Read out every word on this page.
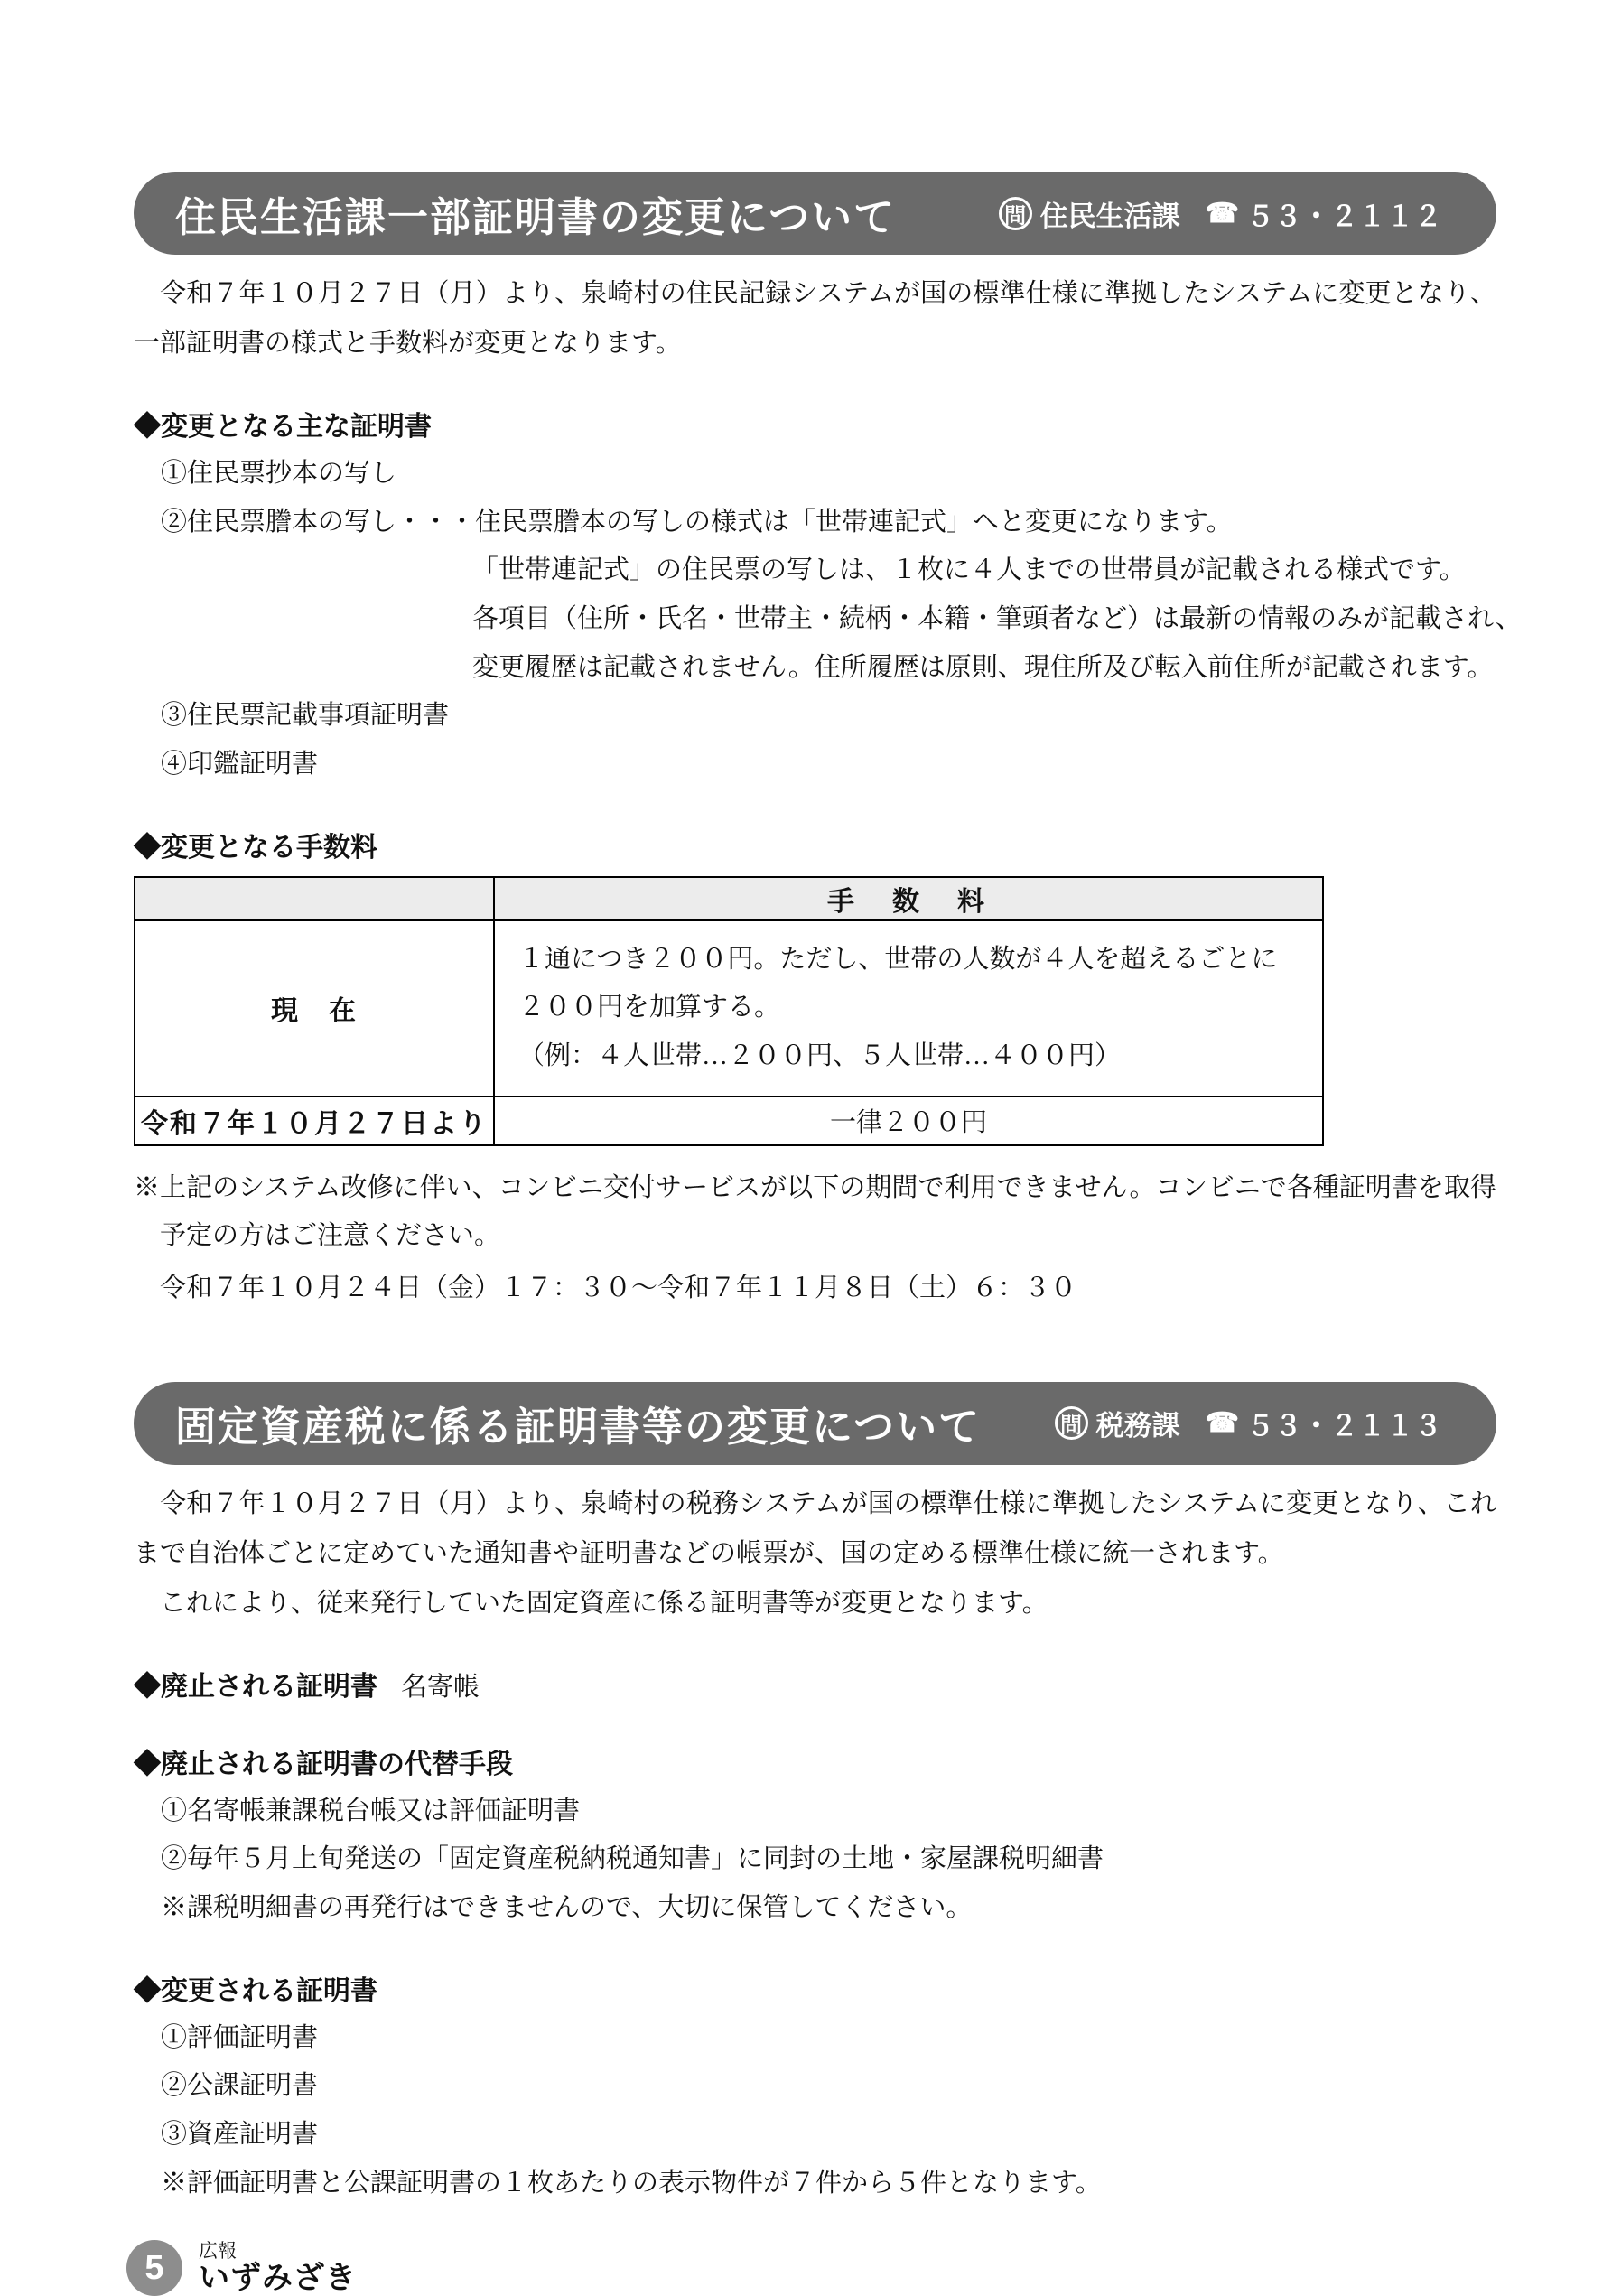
住民生活課一部証明書の変更について	問 住民生活課 ☎ ５３・２１１２

　令和７年１０月２７日（月）より、泉崎村の住民記録システムが国の標準仕様に準拠したシステムに変更となり、一部証明書の様式と手数料が変更となります。

◆変更となる主な証明書
①住民票抄本の写し
②住民票謄本の写し・・・住民票謄本の写しの様式は「世帯連記式」へと変更になります。
「世帯連記式」の住民票の写しは、１枚に４人までの世帯員が記載される様式です。
各項目（住所・氏名・世帯主・続柄・本籍・筆頭者など）は最新の情報のみが記載され、
変更履歴は記載されません。住所履歴は原則、現住所及び転入前住所が記載されます。
③住民票記載事項証明書
④印鑑証明書
◆変更となる手数料
	手　数　料
現　在	１通につき２００円。ただし、世帯の人数が４人を超えるごとに２００円を加算する。
（例：４人世帯…２００円、５人世帯…４００円）

令和７年１０月２７日より	一律２００円
※上記のシステム改修に伴い、コンビニ交付サービスが以下の期間で利用できません。コンビニで各種証明書を取得予定の方はご注意ください。
令和７年１０月２４日（金）１７：３０～令和７年１１月８日（土）６：３０
固定資産税に係る証明書等の変更について	問 税務課 ☎ ５３・２１１３

　令和７年１０月２７日（月）より、泉崎村の税務システムが国の標準仕様に準拠したシステムに変更となり、これまで自治体ごとに定めていた通知書や証明書などの帳票が、国の定める標準仕様に統一されます。

　これにより、従来発行していた固定資産に係る証明書等が変更となります。

◆廃止される証明書 名寄帳
◆廃止される証明書の代替手段
①名寄帳兼課税台帳又は評価証明書
②毎年５月上旬発送の「固定資産税納税通知書」に同封の土地・家屋課税明細書
※課税明細書の再発行はできませんので、大切に保管してください。
◆変更される証明書
①評価証明書
②公課証明書
③資産証明書
※評価証明書と公課証明書の１枚あたりの表示物件が７件から５件となります。
5 広報
いずみざき
